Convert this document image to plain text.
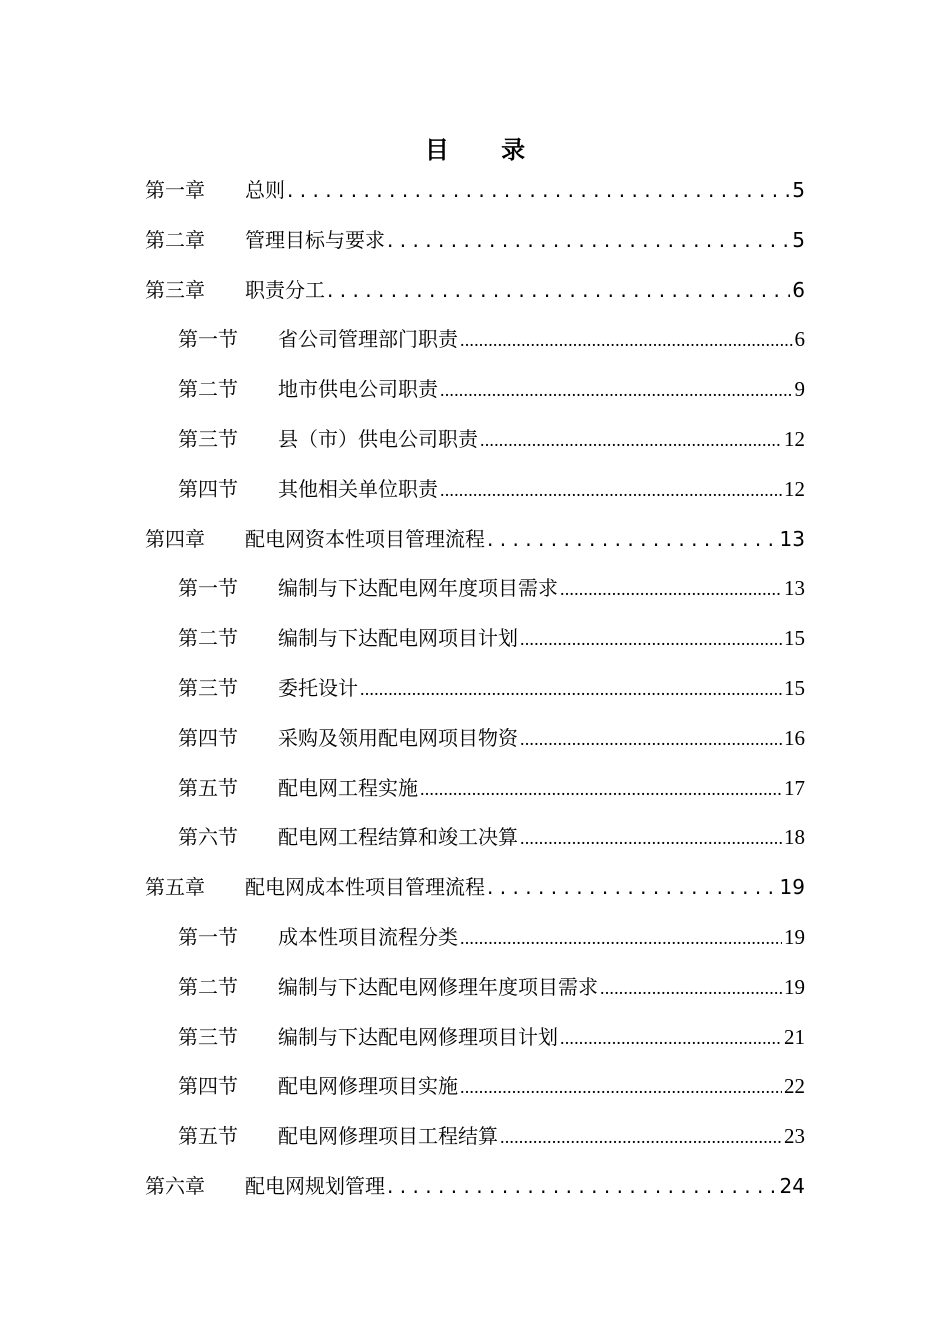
目 录
第一章	总则 .....	5
第二章	管理目标与要求 .....	5
第三章	职责分工 .....	6
第一节	省公司管理部门职责 .....	6
第二节	地市供电公司职责 .....	9
第三节	县（市）供电公司职责 .....	12
第四节	其他相关单位职责 .....	12
第四章	配电网资本性项目管理流程 .....	13
第一节	编制与下达配电网年度项目需求 .....	13
第二节	编制与下达配电网项目计划 .....	15
第三节	委托设计 .....	15
第四节	采购及领用配电网项目物资 .....	16
第五节	配电网工程实施 .....	17
第六节	配电网工程结算和竣工决算 .....	18
第五章	配电网成本性项目管理流程 .....	19
第一节	成本性项目流程分类 .....	19
第二节	编制与下达配电网修理年度项目需求 .....	19
第三节	编制与下达配电网修理项目计划 .....	21
第四节	配电网修理项目实施 .....	22
第五节	配电网修理项目工程结算 .....	23
第六章	配电网规划管理 .....	24
